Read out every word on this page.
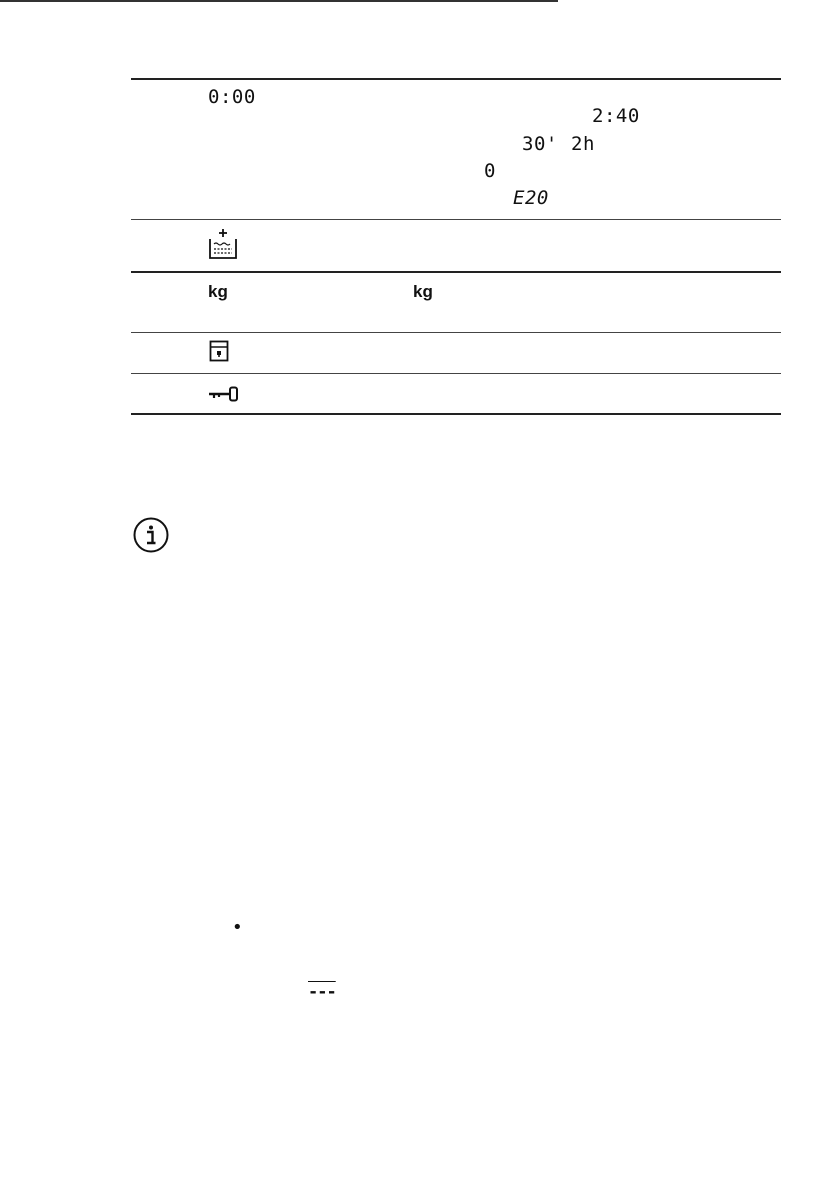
0:00
2:40
30' 2h
0
E20
kg	kg
•
---
